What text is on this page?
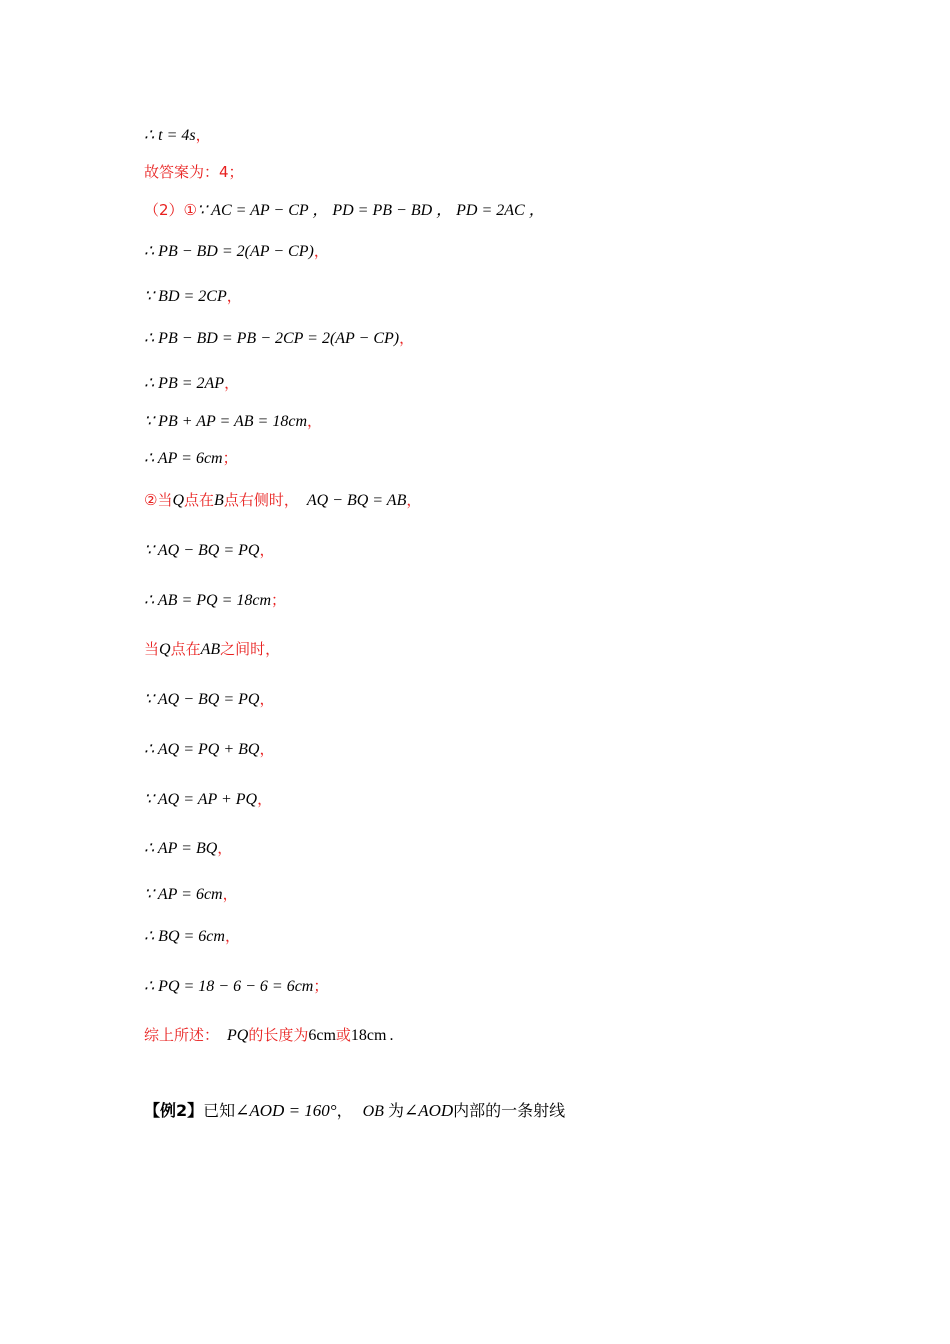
∴ t = 4s，
故答案为：4；
（2）①∵ AC = AP − CP ， PD = PB − BD ， PD = 2AC ，
∴ PB − BD = 2(AP − CP)，
∵ BD = 2CP，
∴ PB − BD = PB − 2CP = 2(AP − CP)，
∴ PB = 2AP，
∵ PB + AP = AB = 18cm，
∴ AP = 6cm；
②当Q点在B点右侧时， AQ − BQ = AB，
∵ AQ − BQ = PQ，
∴ AB = PQ = 18cm；
当Q点在AB之间时，
∵ AQ − BQ = PQ，
∴ AQ = PQ + BQ，
∵ AQ = AP + PQ，
∴ AP = BQ，
∵ AP = 6cm，
∴ BQ = 6cm，
∴ PQ = 18 − 6 − 6 = 6cm；
综上所述： PQ的长度为6cm或18cm .
【例2】已知∠AOD = 160°， OB 为∠AOD内部的一条射线
